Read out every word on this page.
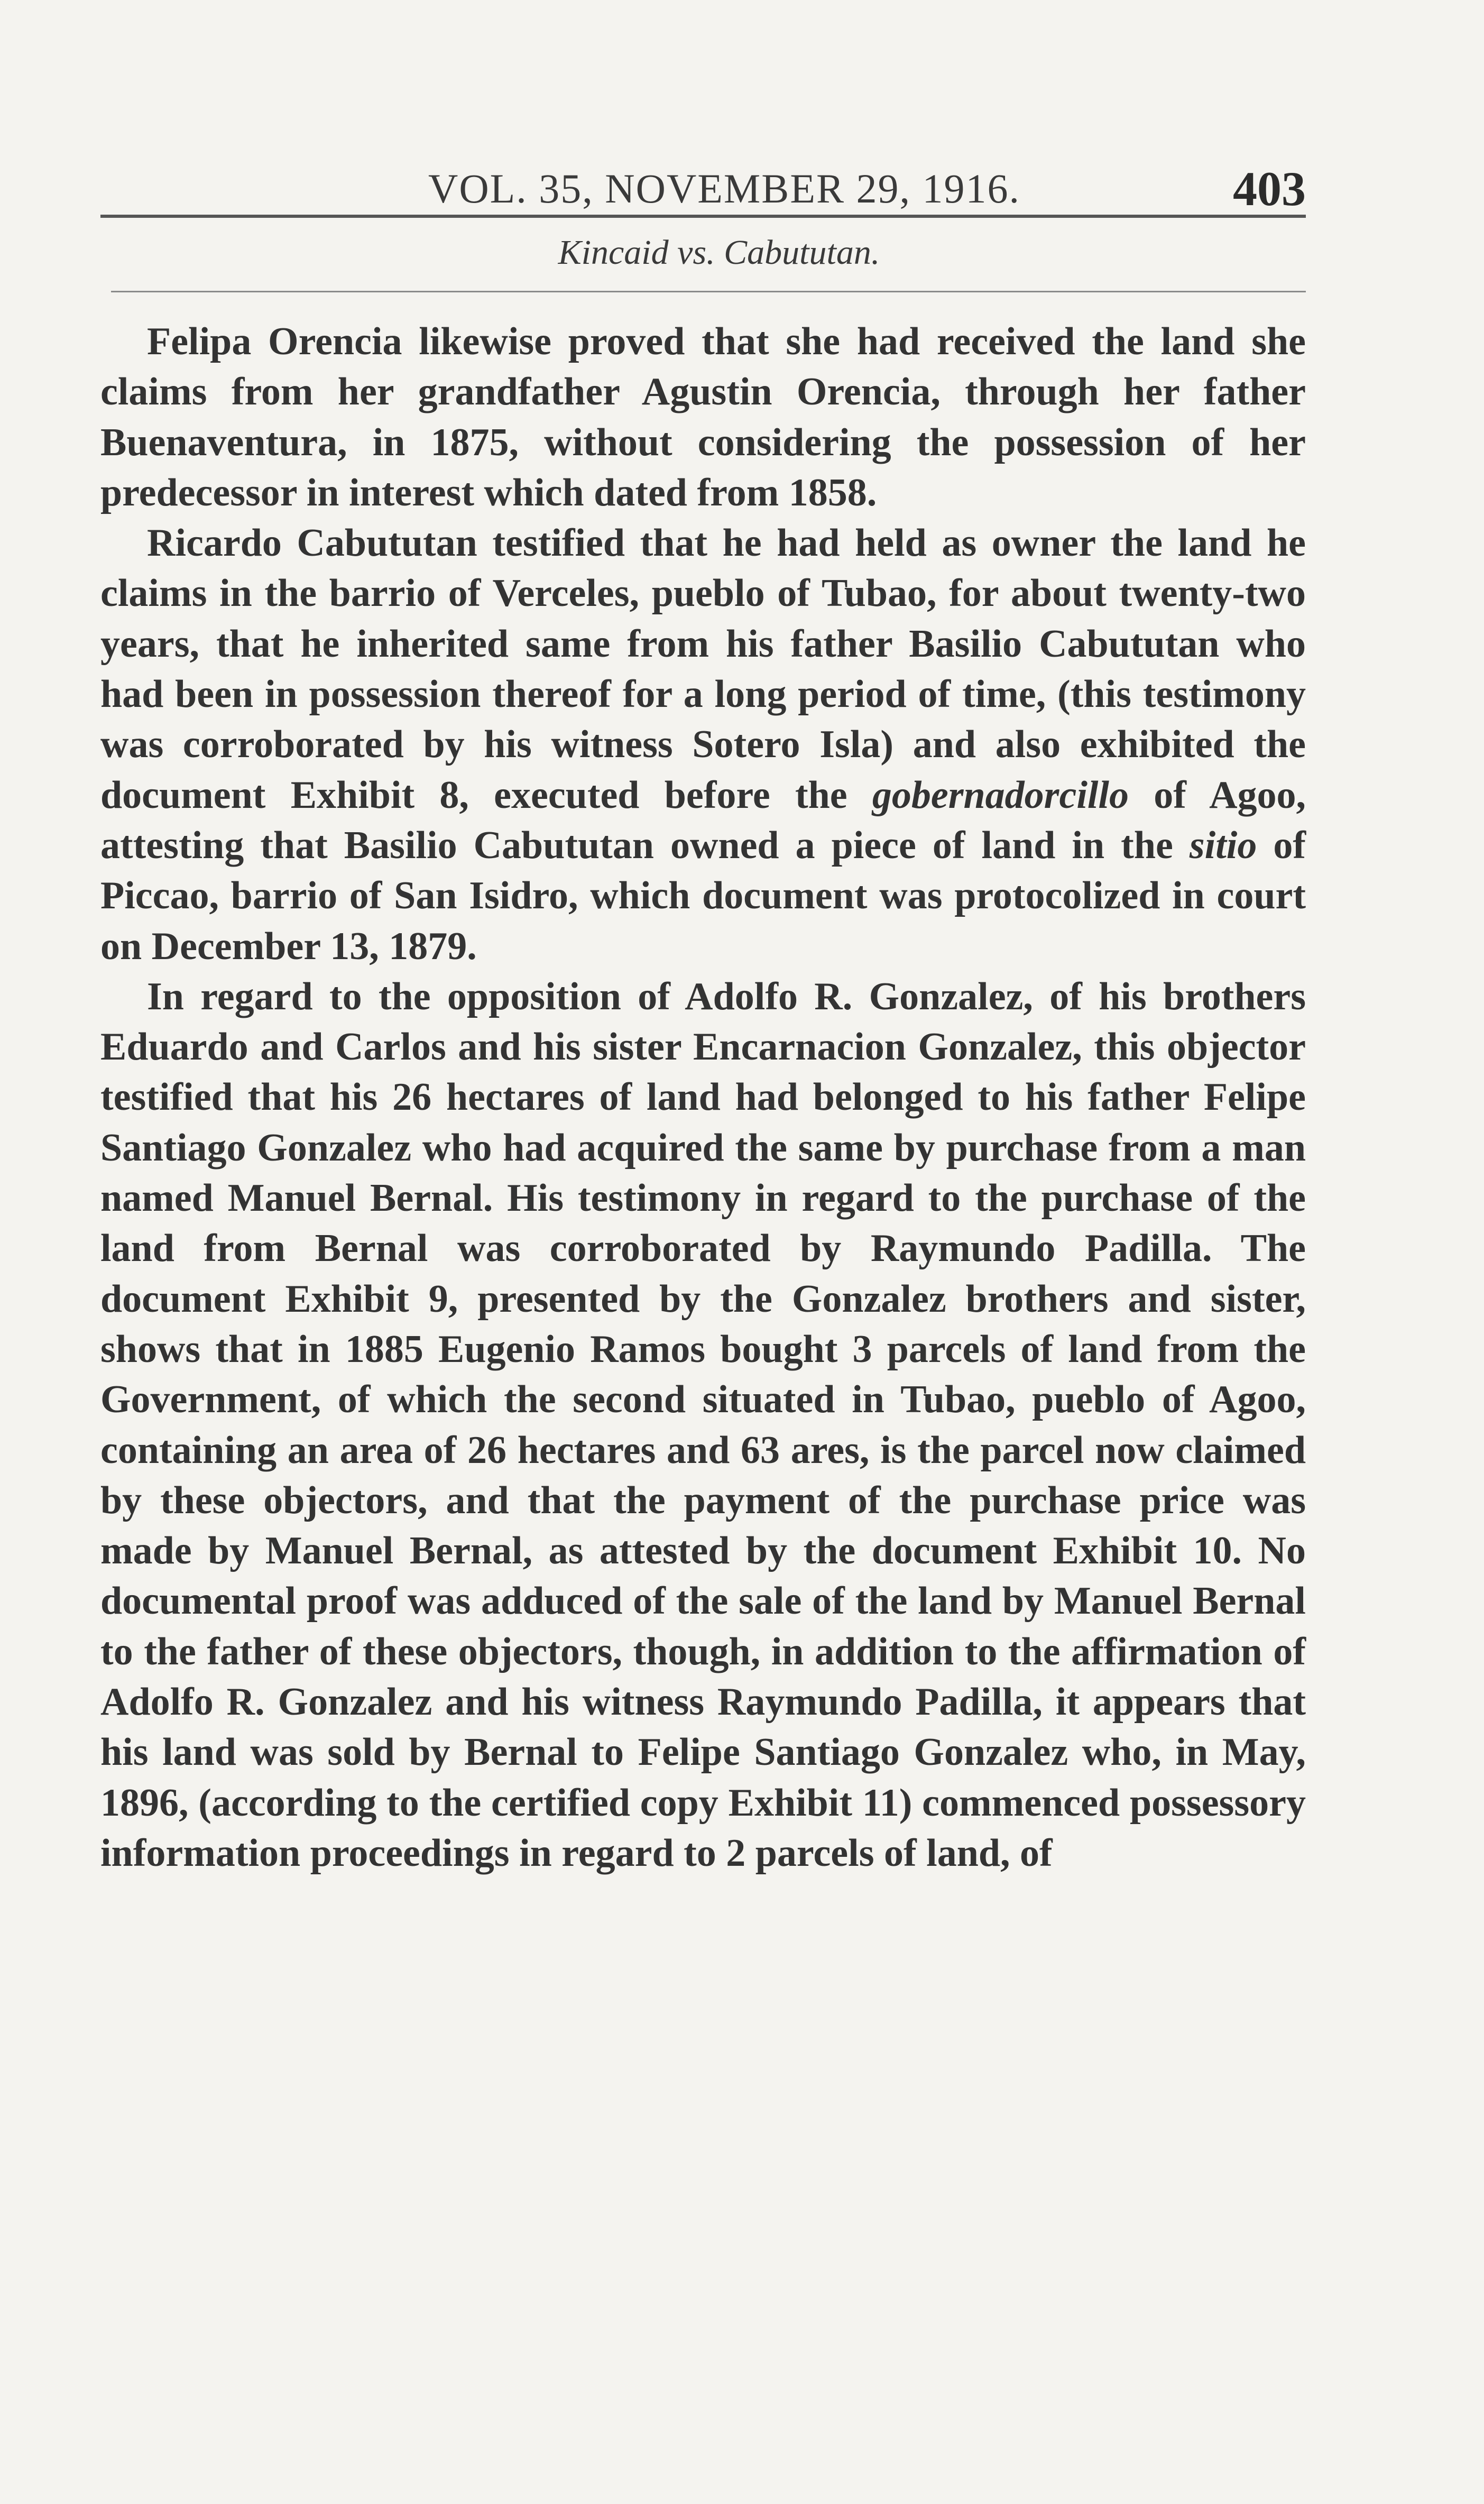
VOL. 35, NOVEMBER 29, 1916.	403
Kincaid vs. Cabututan.

Felipa Orencia likewise proved that she had received the land she claims from her grandfather Agustin Orencia, through her father Buenaventura, in 1875, without considering the possession of her predecessor in interest which dated from 1858.

Ricardo Cabututan testified that he had held as owner the land he claims in the barrio of Verceles, pueblo of Tubao, for about twenty-two years, that he inherited same from his father Basilio Cabututan who had been in possession thereof for a long period of time, (this testimony was corroborated by his witness Sotero Isla) and also exhibited the document Exhibit 8, executed before the gobernadorcillo of Agoo, attesting that Basilio Cabututan owned a piece of land in the sitio of Piccao, barrio of San Isidro, which document was protocolized in court on December 13, 1879.

In regard to the opposition of Adolfo R. Gonzalez, of his brothers Eduardo and Carlos and his sister Encarnacion Gonzalez, this objector testified that his 26 hectares of land had belonged to his father Felipe Santiago Gonzalez who had acquired the same by purchase from a man named Manuel Bernal. His testimony in regard to the purchase of the land from Bernal was corroborated by Raymundo Padilla. The document Exhibit 9, presented by the Gonzalez brothers and sister, shows that in 1885 Eugenio Ramos bought 3 parcels of land from the Government, of which the second situated in Tubao, pueblo of Agoo, containing an area of 26 hectares and 63 ares, is the parcel now claimed by these objectors, and that the payment of the purchase price was made by Manuel Bernal, as attested by the document Exhibit 10. No documental proof was adduced of the sale of the land by Manuel Bernal to the father of these objectors, though, in addition to the affirmation of Adolfo R. Gonzalez and his witness Raymundo Padilla, it appears that his land was sold by Bernal to Felipe Santiago Gonzalez who, in May, 1896, (according to the certified copy Exhibit 11) commenced possessory information proceedings in regard to 2 parcels of land, of
